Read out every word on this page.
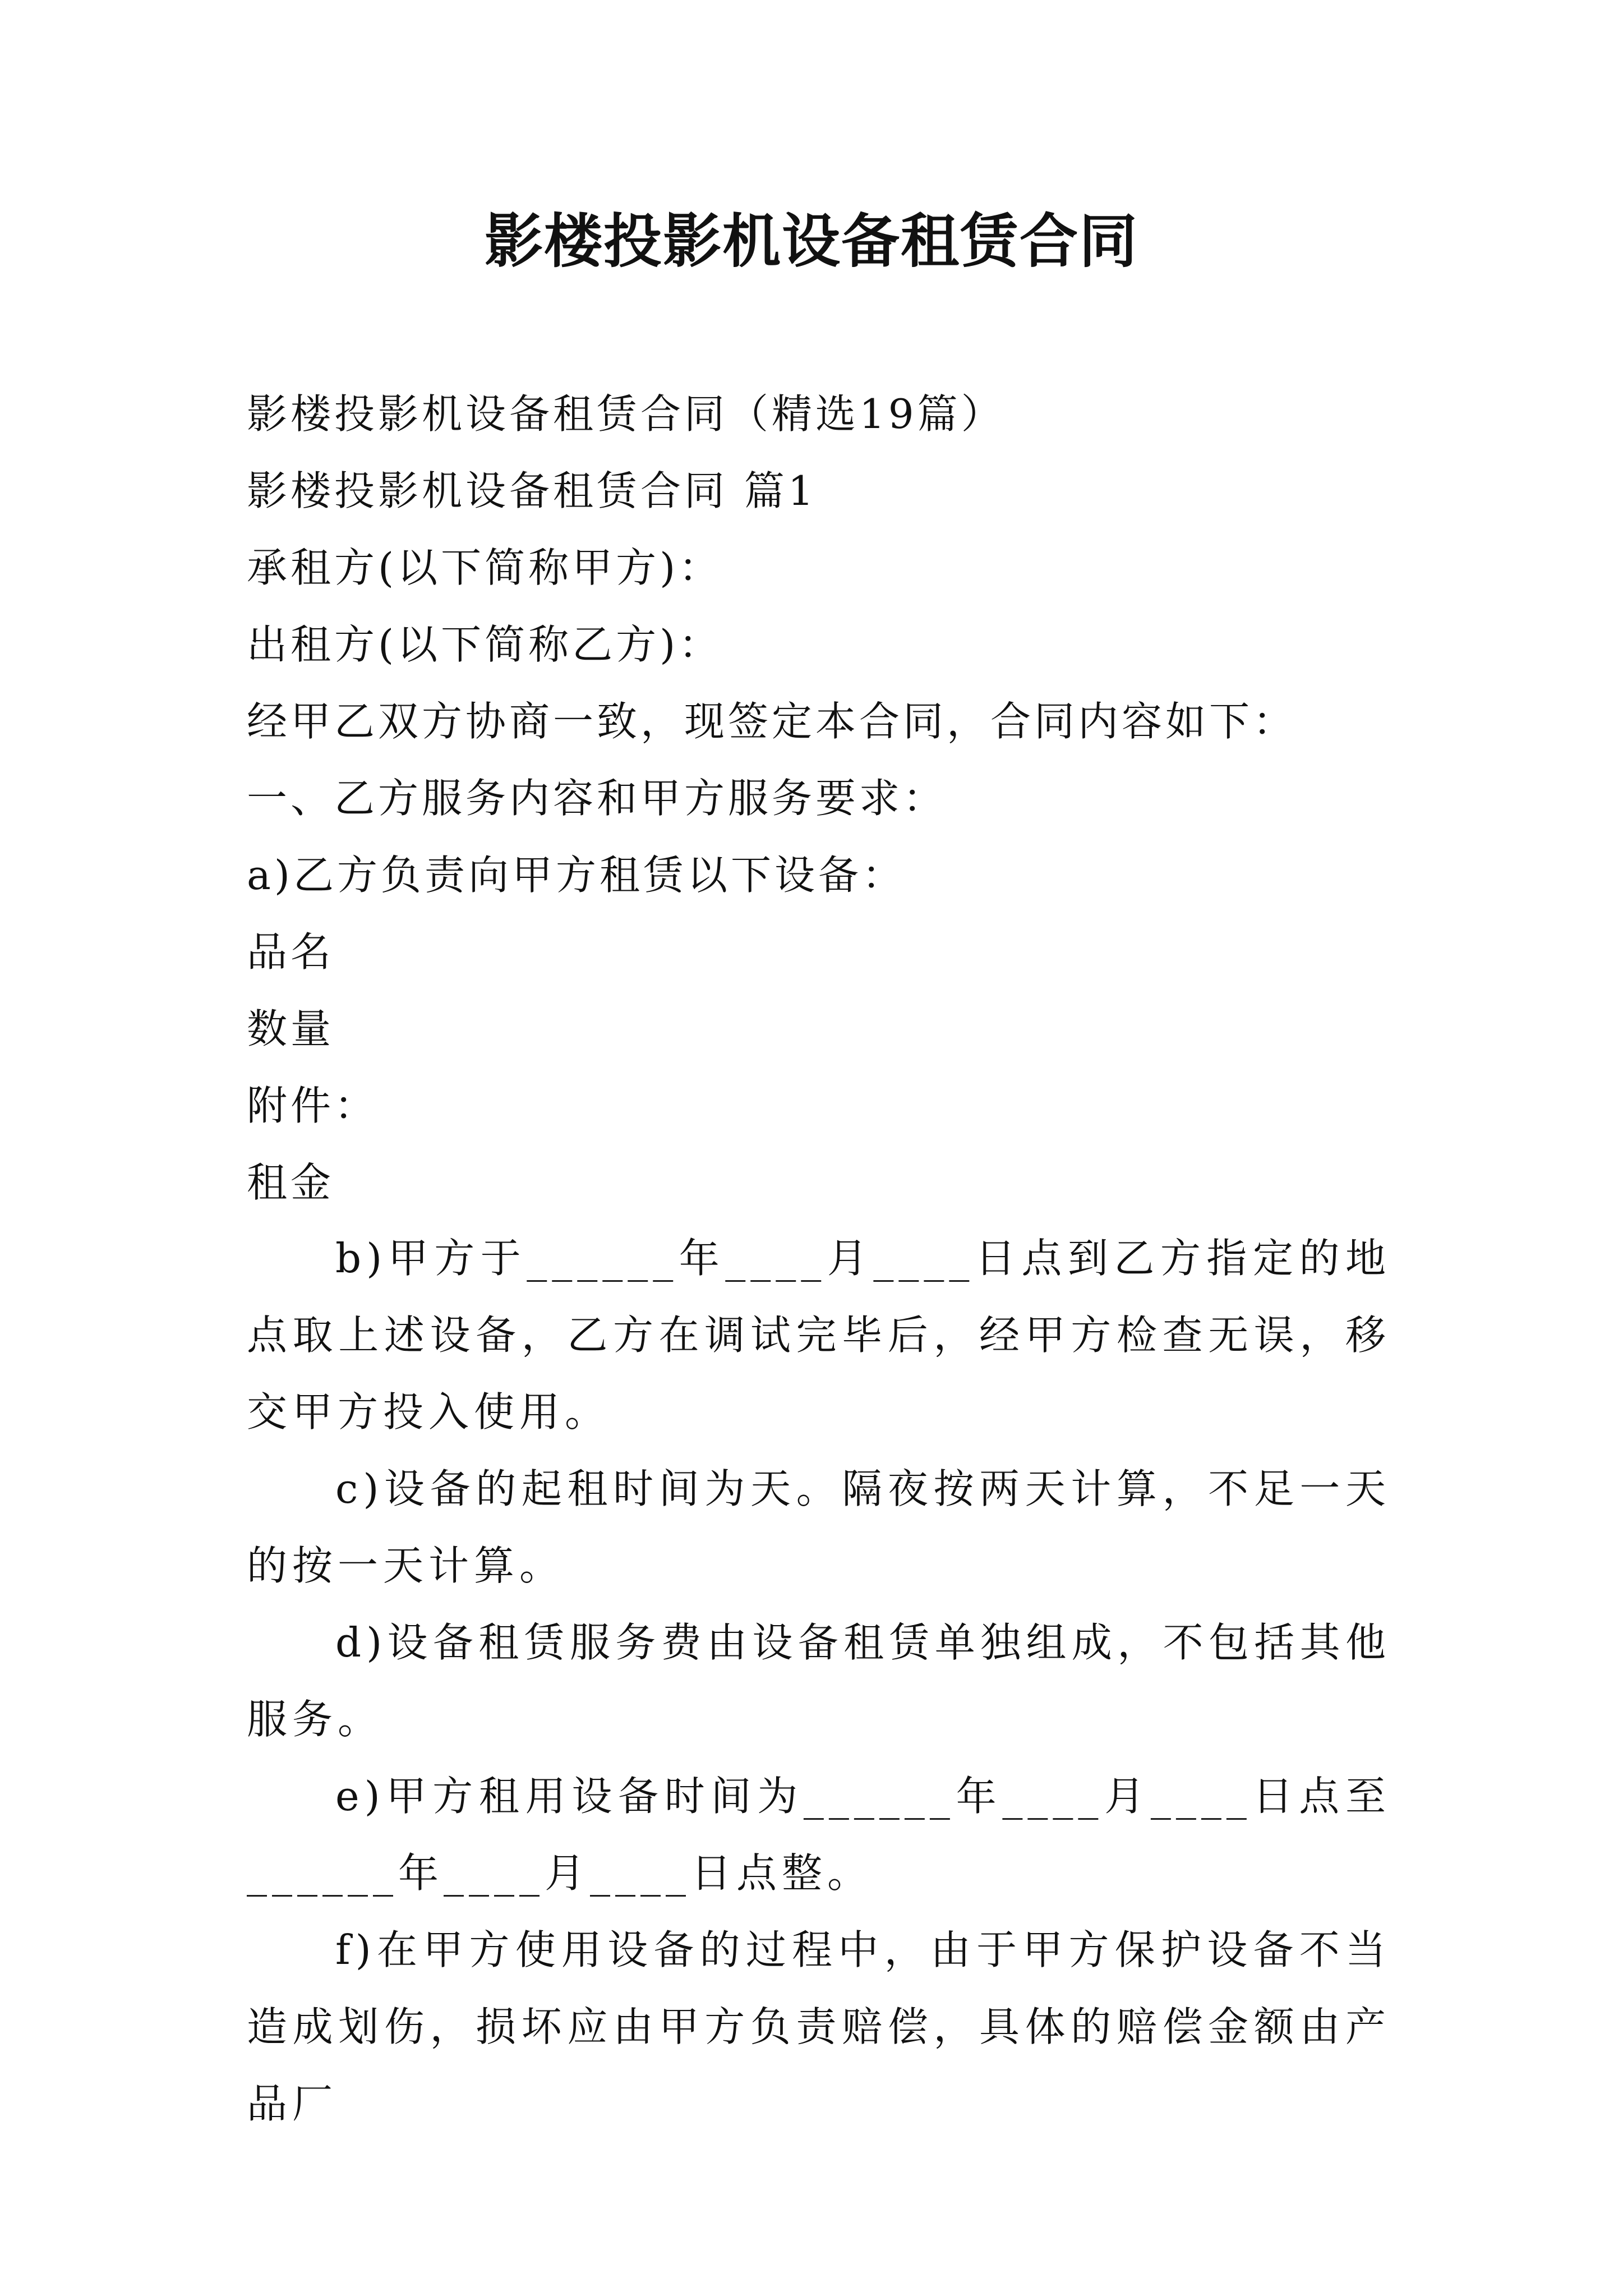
影楼投影机设备租赁合同
影楼投影机设备租赁合同（精选19篇）
影楼投影机设备租赁合同 篇1
承租方(以下简称甲方)：
出租方(以下简称乙方)：
经甲乙双方协商一致，现签定本合同，合同内容如下：
一、乙方服务内容和甲方服务要求：
a)乙方负责向甲方租赁以下设备：
品名
数量
附件：
租金
b)甲方于______年____月____日点到乙方指定的地点取上述设备，乙方在调试完毕后，经甲方检查无误，移交甲方投入使用。
c)设备的起租时间为天。隔夜按两天计算，不足一天的按一天计算。
d)设备租赁服务费由设备租赁单独组成，不包括其他服务。
e)甲方租用设备时间为______年____月____日点至______年____月____日点整。
f)在甲方使用设备的过程中，由于甲方保护设备不当造成划伤，损坏应由甲方负责赔偿，具体的赔偿金额由产品厂
